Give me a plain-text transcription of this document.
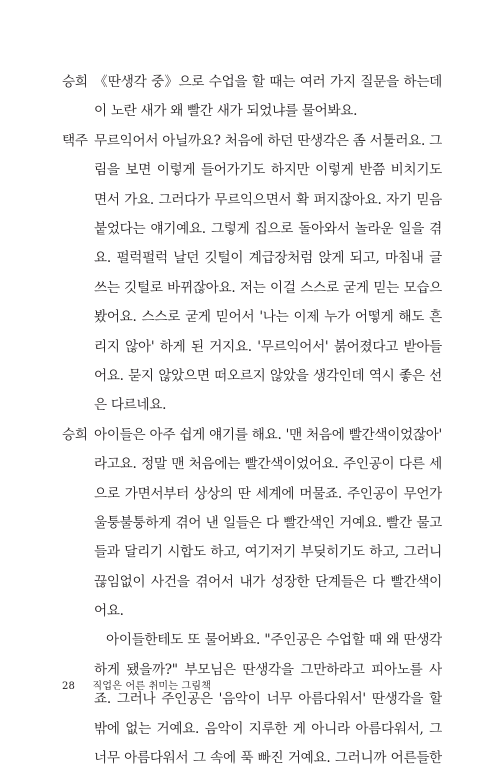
승희 《딴생각 중》으로 수업을 할 때는 여러 가지 질문을 하는데
이 노란 새가 왜 빨간 새가 되었냐를 물어봐요.
택주 무르익어서 아닐까요? 처음에 하던 딴생각은 좀 서툴러요. 그
림을 보면 이렇게 들어가기도 하지만 이렇게 반쯤 비치기도
면서 가요. 그러다가 무르익으면서 확 퍼지잖아요. 자기 믿음
붙었다는 얘기예요. 그렇게 집으로 돌아와서 놀라운 일을 겪
요. 펄럭펄럭 날던 깃털이 계급장처럼 앉게 되고, 마침내 글
쓰는 깃털로 바뀌잖아요. 저는 이걸 스스로 굳게 믿는 모습으
봤어요. 스스로 굳게 믿어서 '나는 이제 누가 어떻게 해도 흔
리지 않아' 하게 된 거지요. '무르익어서' 붉어졌다고 받아들
어요. 묻지 않았으면 떠오르지 않았을 생각인데 역시 좋은 선
은 다르네요.
승희 아이들은 아주 쉽게 얘기를 해요. '맨 처음에 빨간색이었잖아'
라고요. 정말 맨 처음에는 빨간색이었어요. 주인공이 다른 세
으로 가면서부터 상상의 딴 세계에 머물죠. 주인공이 무언가
울퉁불퉁하게 겪어 낸 일들은 다 빨간색인 거예요. 빨간 물고
들과 달리기 시합도 하고, 여기저기 부딪히기도 하고, 그러니
끊임없이 사건을 겪어서 내가 성장한 단계들은 다 빨간색이
어요.
아이들한테도 또 물어봐요. "주인공은 수업할 때 왜 딴생각
하게 됐을까?" 부모님은 딴생각을 그만하라고 피아노를 사
죠. 그러나 주인공은 '음악이 너무 아름다워서' 딴생각을 할
밖에 없는 거예요. 음악이 지루한 게 아니라 아름다워서, 그
너무 아름다워서 그 속에 푹 빠진 거예요. 그러니까 어른들한
28 직업은 어른 취미는 그림책
